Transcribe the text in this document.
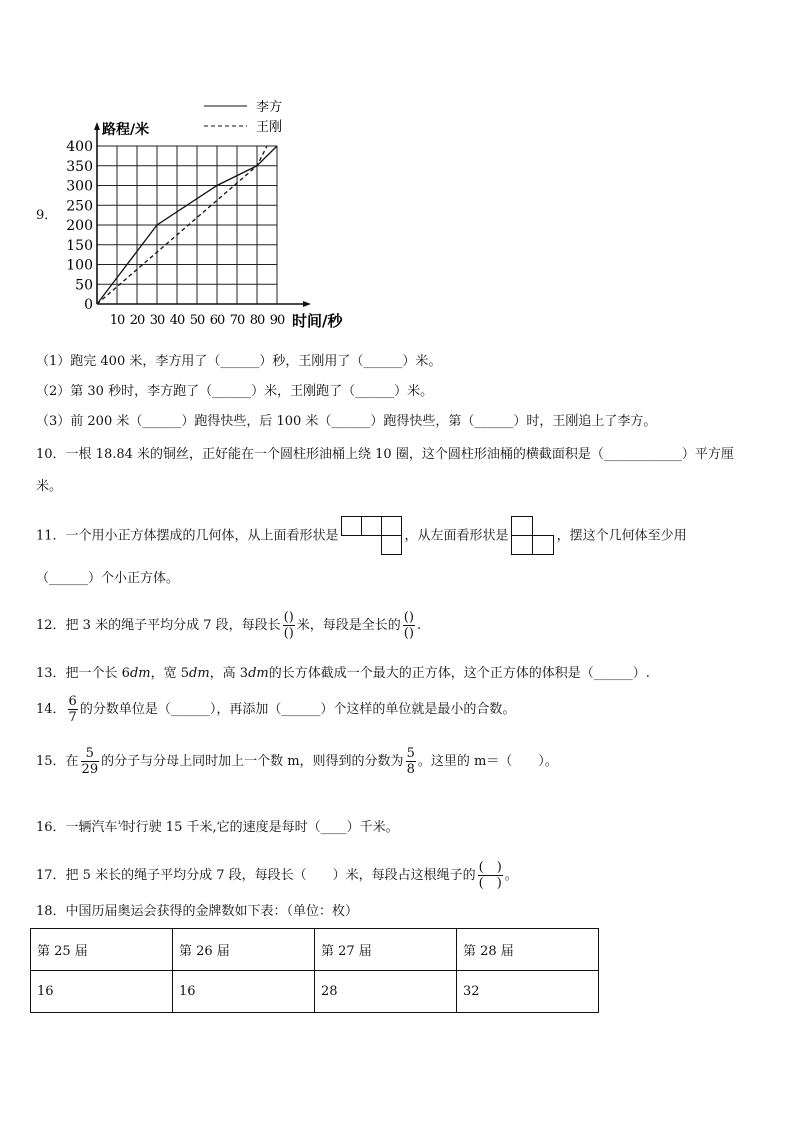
9．
0
50
100
150
200
250
300
350
400
10 20 30 40 50 60 70 80 90
路程/米
时间/秒
李方
王刚
（1）跑完 400 米，李方用了（______）秒，王刚用了（______）米。
（2）第 30 秒时，李方跑了（______）米，王刚跑了（______）米。
（3）前 200 米（______）跑得快些，后 100 米（______）跑得快些，第（______）时，王刚追上了李方。
10．一根 18.84 米的铜丝，正好能在一个圆柱形油桶上绕 10 圈，这个圆柱形油桶的横截面积是（____________）平方厘
米。
11．一个用小正方体摆成的几何体，从上面看形状是	，从左面看形状是	，摆这个几何体至少用
（______）个小正方体。
12．把 3 米的绳子平均分成 7 段，每段长 $\frac{()}{()}$ 米，每段是全长的 $\frac{()}{()}$ .
13．把一个长 6dm，宽 5dm，高 3dm的长方体截成一个最大的正方体，这个正方体的体积是（______）.
14． $\frac{6}{7}$ 的分数单位是（______），再添加（______）个这样的单位就是最小的合数。
15．在 $\frac{5}{29}$ 的分子与分母上同时加上一个数 m，则得到的分数为 $\frac{5}{8}$ 。这里的 m＝（　　）。
16．一辆汽车$^{^1⁄}$时行驶 15 千米,它的速度是每时（____）千米。
17．把 5 米长的绳子平均分成 7 段，每段长（　　）米，每段占这根绳子的 $\frac{( )}{( )}$ 。
18．中国历届奥运会获得的金牌数如下表：（单位：枚）
第 25 届	第 26 届	第 27 届	第 28 届
16	16	28	32
